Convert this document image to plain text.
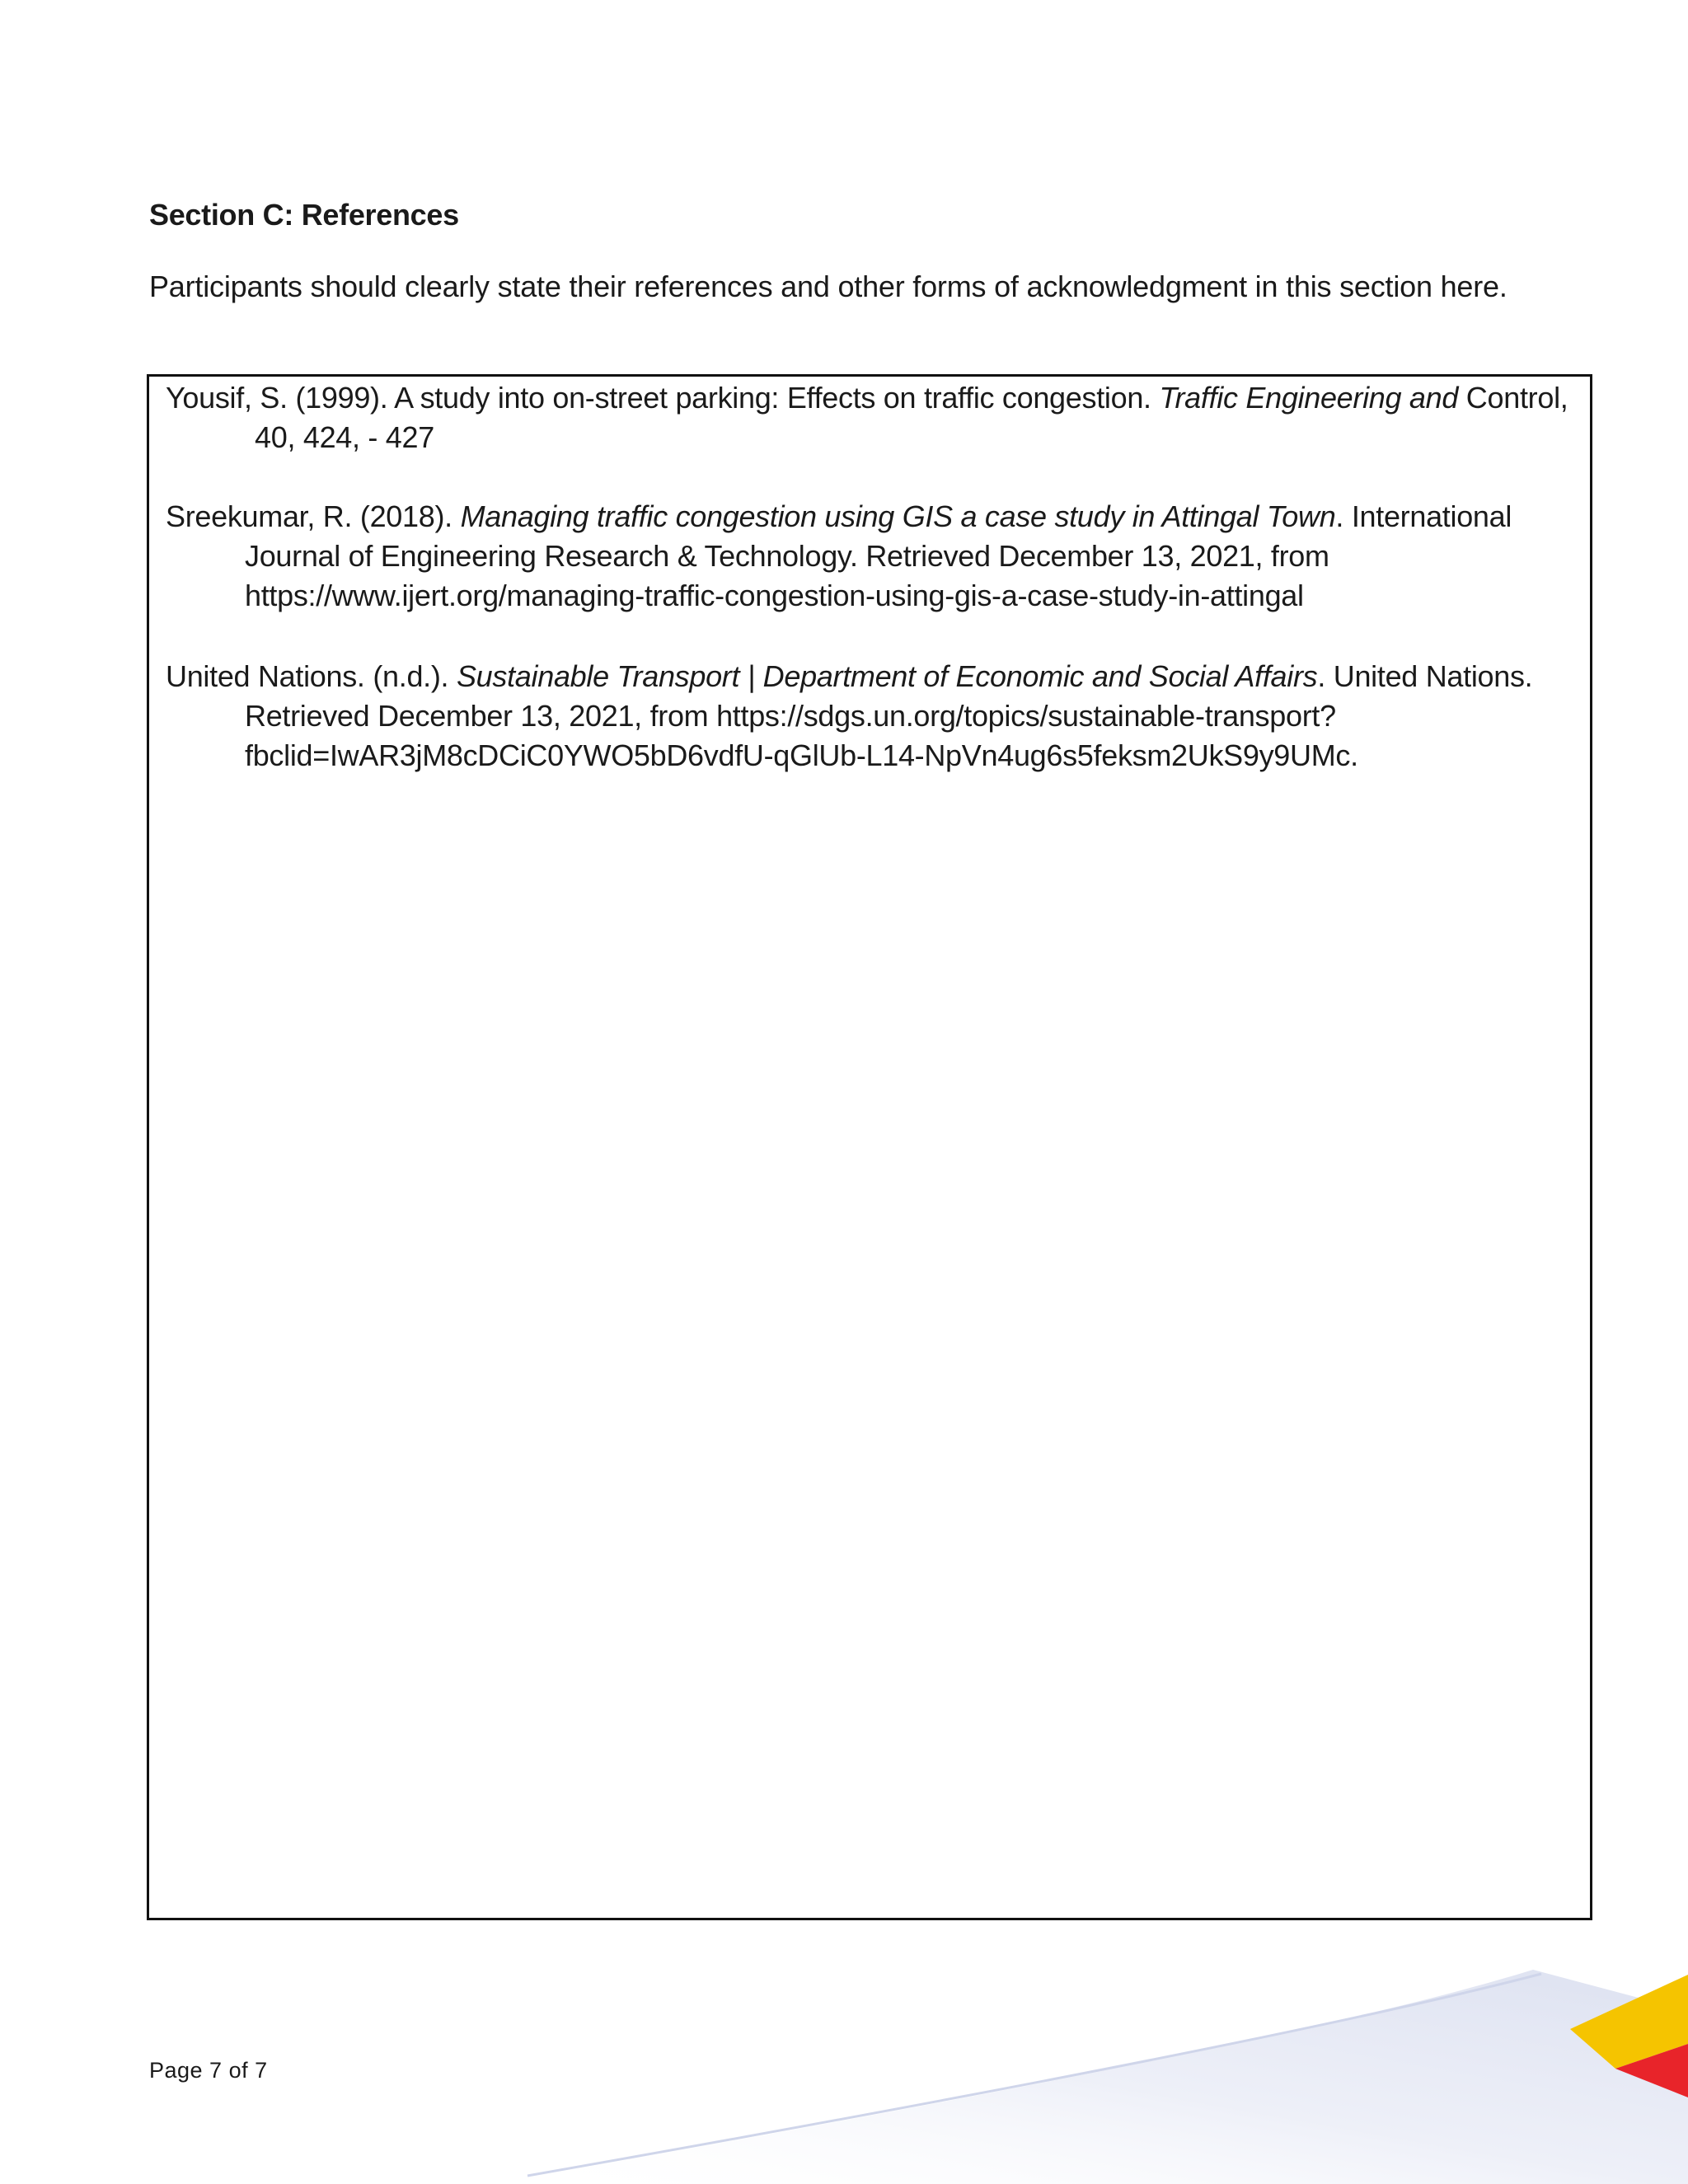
Section C: References
Participants should clearly state their references and other forms of acknowledgment in this section here.
Yousif, S. (1999). A study into on-street parking: Effects on traffic congestion. Traffic Engineering and Control, 40, 424, - 427
Sreekumar, R. (2018). Managing traffic congestion using GIS a case study in Attingal Town. International Journal of Engineering Research & Technology. Retrieved December 13, 2021, from https://www.ijert.org/managing-traffic-congestion-using-gis-a-case-study-in-attingal
United Nations. (n.d.). Sustainable Transport | Department of Economic and Social Affairs. United Nations. Retrieved December 13, 2021, from https://sdgs.un.org/topics/sustainable-transport?fbclid=IwAR3jM8cDCiC0YWO5bD6vdfU-qGlUb-L14-NpVn4ug6s5feksm2UkS9y9UMc.
Page 7 of 7
